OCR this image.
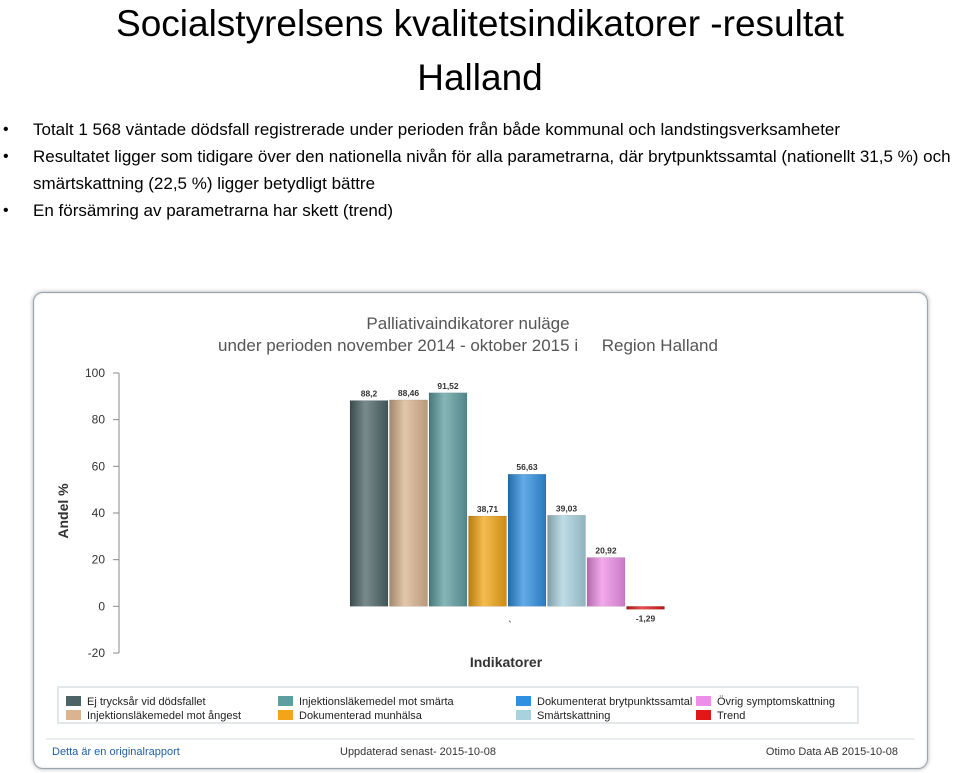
Socialstyrelsens kvalitetsindikatorer -resultat
Halland
• Totalt 1 568 väntade dödsfall registrerade under perioden från både kommunal och landstingsverksamheter
• Resultatet ligger som tidigare över den nationella nivån för alla parametrarna, där brytpunktssamtal (nationellt 31,5 %) och smärtskattning (22,5 %) ligger betydligt bättre
• En försämring av parametrarna har skett (trend)
Palliativaindikatorer nuläge
under perioden november 2014 - oktober 2015 i     Region Halland
Andel %
Indikatorer
-20
0
20
40
60
80
100
88,2 88,46
91,52
38,71
56,63
39,03
20,92
-1,29
`
Ej trycksår vid dödsfallet
Injektionsläkemedel mot ångest
Injektionsläkemedel mot smärta
Dokumenterad munhälsa
Dokumenterat brytpunktssamtal
Smärtskattning
Övrig symptomskattning
Trend
Detta är en originalrapport	Uppdaterad senast- 2015-10-08	Otimo Data AB 2015-10-08
